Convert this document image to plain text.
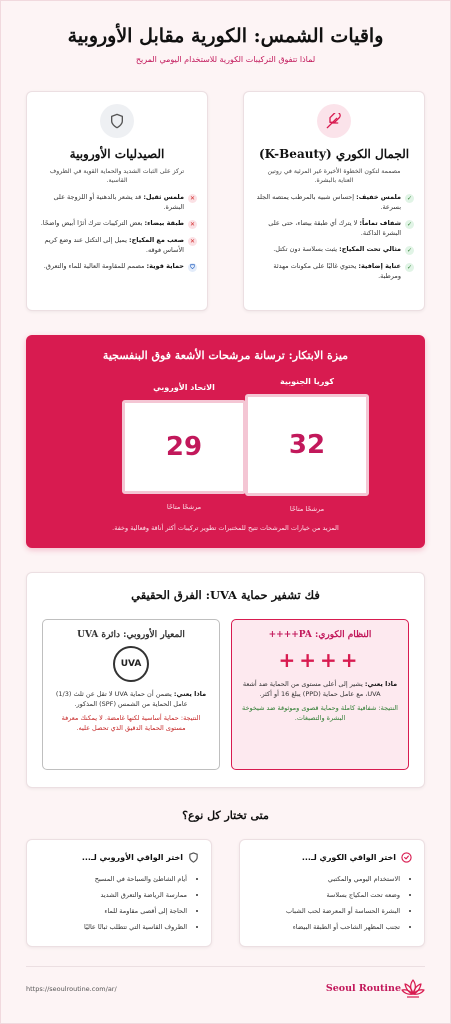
واقيات الشمس: الكورية مقابل الأوروبية
لماذا تتفوق التركيبات الكورية للاستخدام اليومي المريح
الجمال الكوري (K-Beauty)
مصممة لتكون الخطوة الأخيرة غير المرئية في روتين العناية بالبشرة.
✓
ملمس خفيف: إحساس شبيه بالمرطب يمتصه الجلد بسرعة.
✓
شفاف تماماً: لا يترك أي طبقة بيضاء، حتى على البشرة الداكنة.
✓
مثالي تحت المكياج: يثبت بسلاسة دون تكتل.
✓
عناية إضافية: يحتوي غالبًا على مكونات مهدئة ومرطبة.
الصيدليات الأوروبية
تركز على الثبات الشديد والحماية القوية في الظروف القاسية.
✕
ملمس ثقيل: قد يشعر بالدهنية أو اللزوجة على البشرة.
✕
طبقة بيضاء: بعض التركيبات تترك أثرًا أبيض واضحًا.
✕
صعب مع المكياج: يميل إلى التكتل عند وضع كريم الأساس فوقه.
⛉
حماية قوية: مصمم للمقاومة العالية للماء والتعرق.
ميزة الابتكار: ترسانة مرشحات الأشعة فوق البنفسجية
كوريا الجنوبية
32
مرشحًا متاحًا
الاتحاد الأوروبي
29
مرشحًا متاحًا
المزيد من خيارات المرشحات تتيح للمختبرات تطوير تركيبات أكثر أناقة وفعالية وخفة.
فك تشفير حماية UVA: الفرق الحقيقي
النظام الكوري: PA++++
++++
ماذا يعني: يشير إلى أعلى مستوى من الحماية ضد أشعة UVA، مع عامل حماية (PPD) يبلغ 16 أو أكثر.
النتيجة: شفافية كاملة وحماية قصوى وموثوقة ضد شيخوخة البشرة والتصبغات.
المعيار الأوروبي: دائرة UVA
UVA
ماذا يعني: يضمن أن حماية UVA لا تقل عن ثلث (1/3) عامل الحماية من الشمس (SPF) المذكور.
النتيجة: حماية أساسية لكنها غامضة. لا يمكنك معرفة مستوى الحماية الدقيق الذي تحصل عليه.
متى تختار كل نوع؟
اختر الواقي الكوري لـ...
• الاستخدام اليومي والمكتبي
• وضعه تحت المكياج بسلاسة
• البشرة الحساسة أو المعرضة لحب الشباب
• تجنب المظهر الشاحب أو الطبقة البيضاء
اختر الواقي الأوروبي لـ...
• أيام الشاطئ والسباحة في المسبح
• ممارسة الرياضة والتعرق الشديد
• الحاجة إلى أقصى مقاومة للماء
• الظروف القاسية التي تتطلب ثباتًا عاليًا
Seoul Routine
https://seoulroutine.com/ar/
